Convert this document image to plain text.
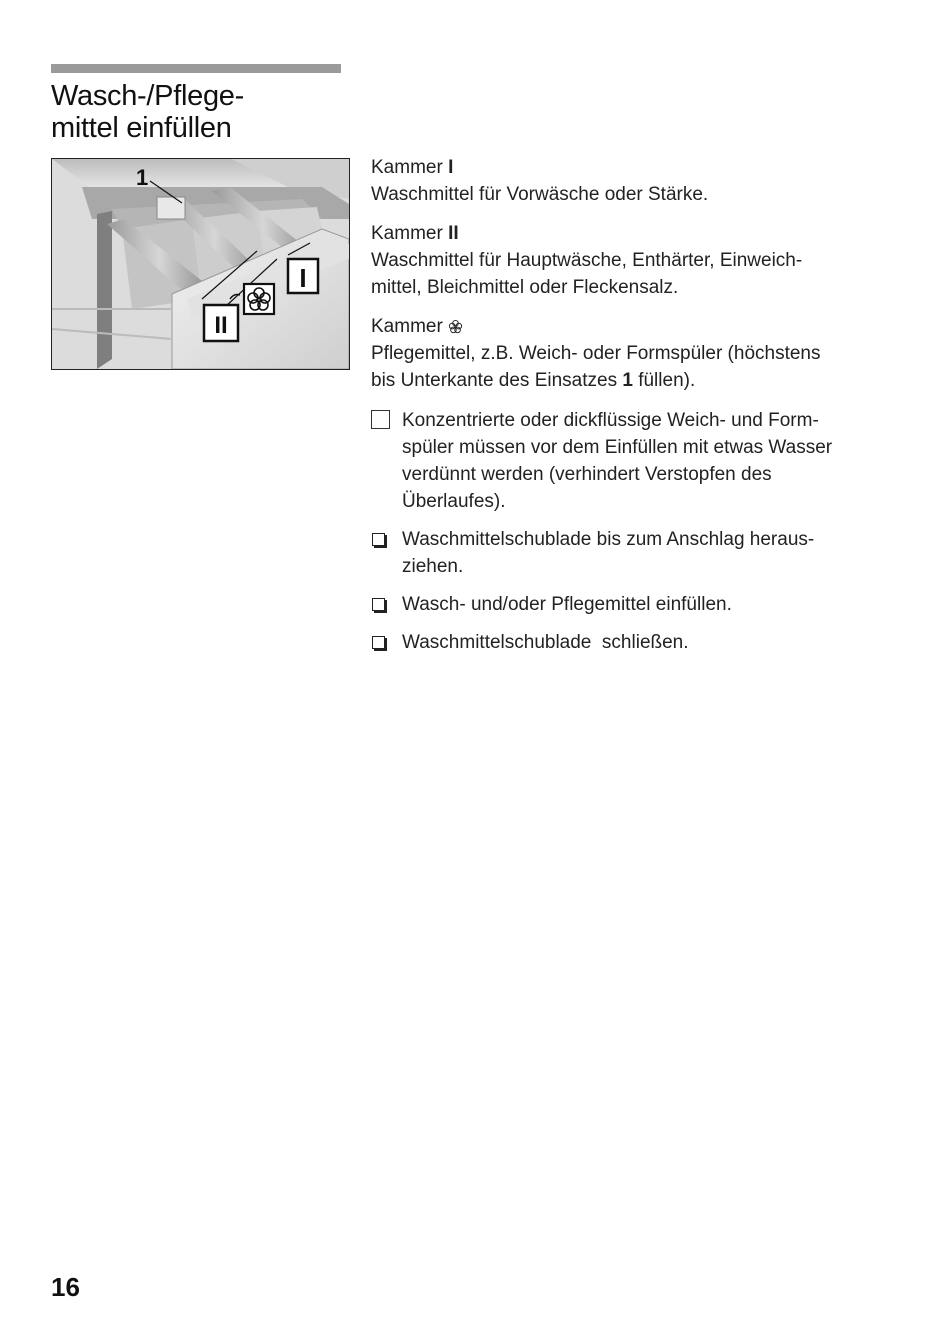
Wasch-/Pflege-
mittel einfüllen
1
I
II

Kammer I
Waschmittel für Vorwäsche oder Stärke.

Kammer II
Waschmittel für Hauptwäsche, Enthärter, Einweich-
mittel, Bleichmittel oder Fleckensalz.

Kammer
Pflegemittel, z.B. Weich- oder Formspüler (höchstens
bis Unterkante des Einsatzes 1 füllen).

Konzentrierte oder dickflüssige Weich- und Form-
spüler müssen vor dem Einfüllen mit etwas Wasser
verdünnt werden (verhindert Verstopfen des
Überlaufes).
Waschmittelschublade bis zum Anschlag heraus-
ziehen.
Wasch- und/oder Pflegemittel einfüllen.
Waschmittelschublade  schließen.
16
